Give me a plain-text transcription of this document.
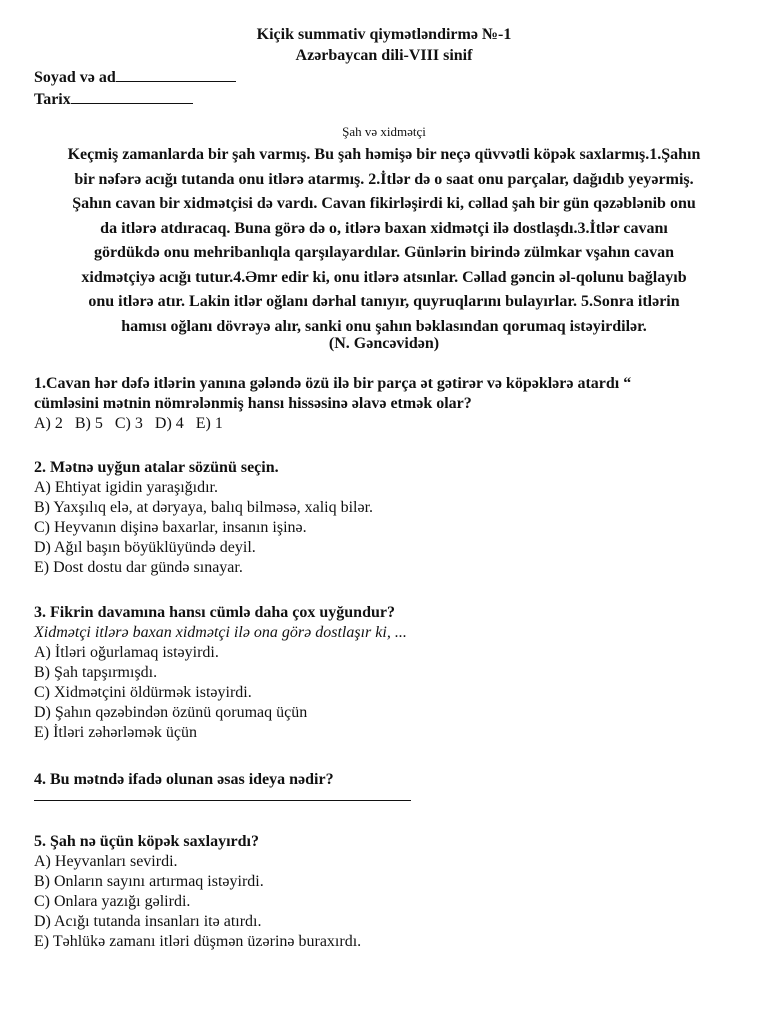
Kiçik summativ qiymətləndirmə №-1
Azərbaycan dili-VIII sinif
Soyad və ad
Tarix
Şah və xidmətçi
Keçmiş zamanlarda bir şah varmış. Bu şah həmişə bir neçə qüvvətli köpək saxlarmış.1.Şahın
bir nəfərə acığı tutanda onu itlərə atarmış. 2.İtlər də o saat onu parçalar, dağıdıb yeyərmiş.
Şahın cavan bir xidmətçisi də vardı. Cavan fikirləşirdi ki, cəllad şah bir gün qəzəblənib onu
da itlərə atdıracaq. Buna görə də o, itlərə baxan xidmətçi ilə dostlaşdı.3.İtlər cavanı
gördükdə onu mehribanlıqla qarşılayardılar. Günlərin birində zülmkar vşahın cavan
xidmətçiyə acığı tutur.4.Əmr edir ki, onu itlərə atsınlar. Cəllad gəncin əl-qolunu bağlayıb
onu itlərə atır. Lakin itlər oğlanı dərhal tanıyır, quyruqlarını bulayırlar. 5.Sonra itlərin
hamısı oğlanı dövrəyə alır, sanki onu şahın bəklasından qorumaq istəyirdilər.
(N. Gəncəvidən)
1.Cavan hər dəfə itlərin yanına gələndə özü ilə bir parça ət gətirər və köpəklərə atardı “
cümləsini mətnin nömrələnmiş hansı hissəsinə əlavə etmək olar?
A) 2   B) 5   C) 3   D) 4   E) 1
2. Mətnə uyğun atalar sözünü seçin.
A) Ehtiyat igidin yaraşığıdır.
B) Yaxşılıq elə, at dəryaya, balıq bilməsə, xaliq bilər.
C) Heyvanın dişinə baxarlar, insanın işinə.
D) Ağıl başın böyüklüyündə deyil.
E) Dost dostu dar gündə sınayar.
3. Fikrin davamına hansı cümlə daha çox uyğundur?
Xidmətçi itlərə baxan xidmətçi ilə ona görə dostlaşır ki, ...
A) İtləri oğurlamaq istəyirdi.
B) Şah tapşırmışdı.
C) Xidmətçini öldürmək istəyirdi.
D) Şahın qəzəbindən özünü qorumaq üçün
E) İtləri zəhərləmək üçün
4. Bu mətndə ifadə olunan əsas ideya nədir?
5. Şah nə üçün köpək saxlayırdı?
A) Heyvanları sevirdi.
B) Onların sayını artırmaq istəyirdi.
C) Onlara yazığı gəlirdi.
D) Acığı tutanda insanları itə atırdı.
E) Təhlükə zamanı itləri düşmən üzərinə buraxırdı.
